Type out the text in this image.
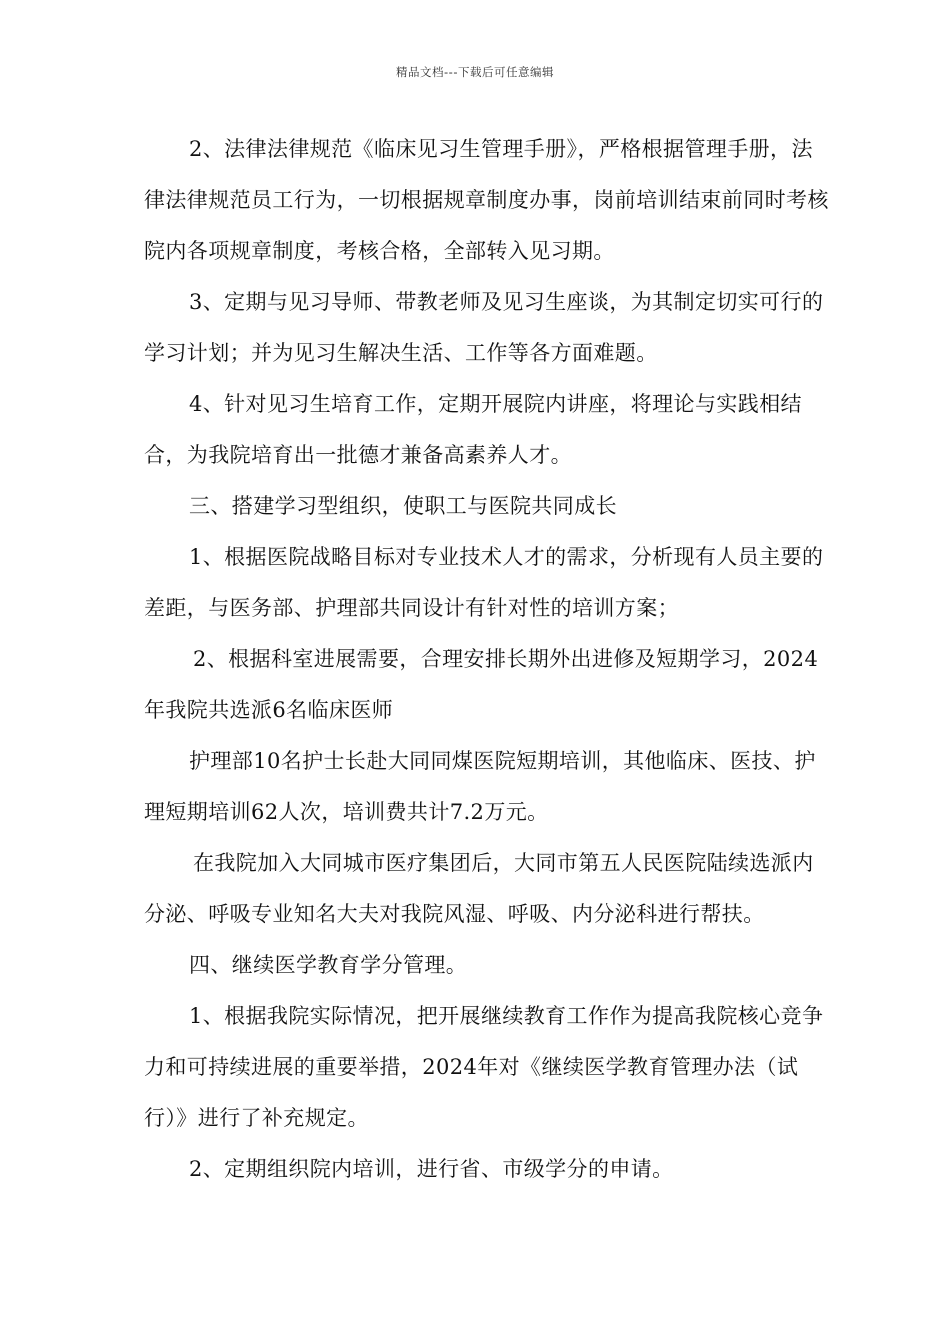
精品文档---下载后可任意编辑

2、法律法律规范《临床见习生管理手册》，严格根据管理手册，法律法律规范员工行为，一切根据规章制度办事，岗前培训结束前同时考核院内各项规章制度，考核合格，全部转入见习期。

3、定期与见习导师、带教老师及见习生座谈，为其制定切实可行的学习计划；并为见习生解决生活、工作等各方面难题。

4、针对见习生培育工作，定期开展院内讲座，将理论与实践相结合，为我院培育出一批德才兼备高素养人才。

三、搭建学习型组织，使职工与医院共同成长

1、根据医院战略目标对专业技术人才的需求，分析现有人员主要的差距，与医务部、护理部共同设计有针对性的培训方案；

2、根据科室进展需要，合理安排长期外出进修及短期学习，2024年我院共选派6名临床医师

护理部10名护士长赴大同同煤医院短期培训，其他临床、医技、护理短期培训62人次，培训费共计7.2万元。

在我院加入大同城市医疗集团后，大同市第五人民医院陆续选派内分泌、呼吸专业知名大夫对我院风湿、呼吸、内分泌科进行帮扶。

四、继续医学教育学分管理。

1、根据我院实际情况，把开展继续教育工作作为提高我院核心竞争力和可持续进展的重要举措，2024年对《继续医学教育管理办法（试行）》进行了补充规定。

2、定期组织院内培训，进行省、市级学分的申请。
